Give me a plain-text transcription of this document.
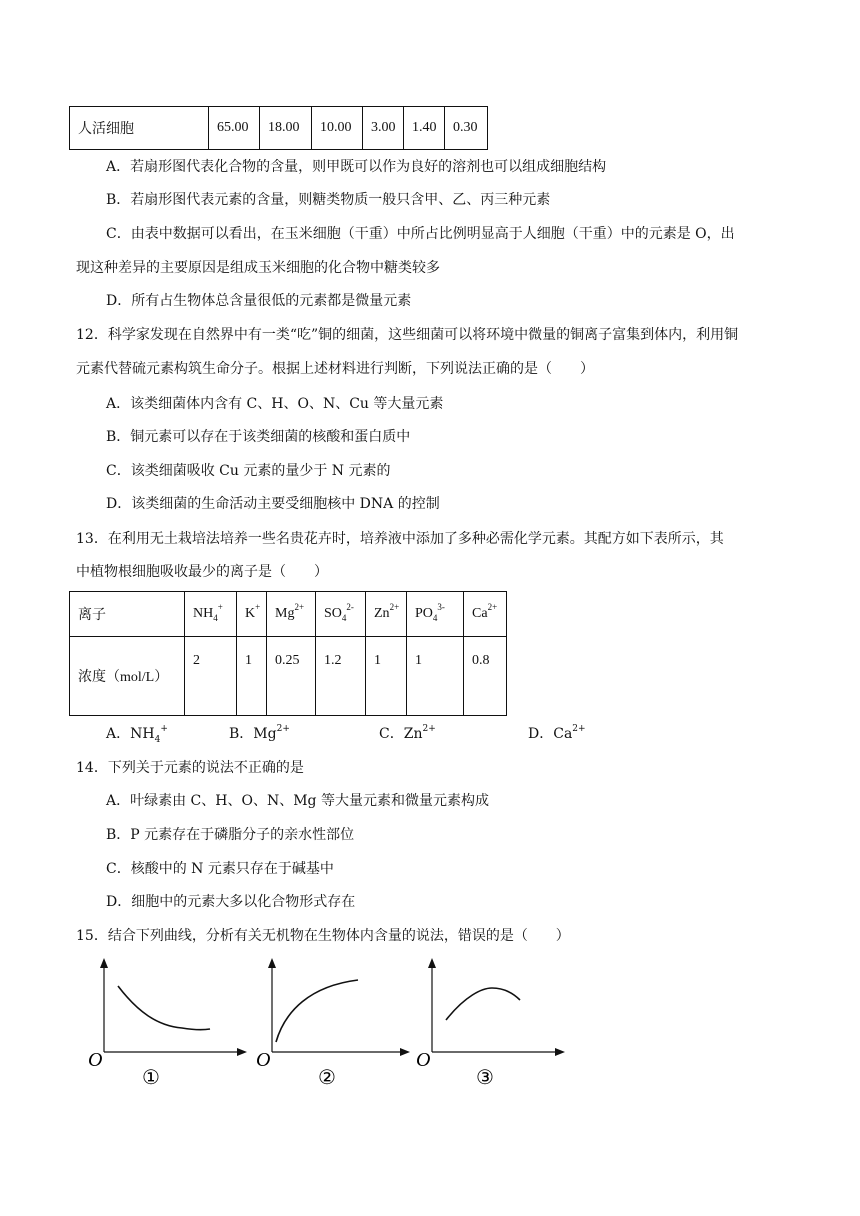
人活细胞	65.00	18.00	10.00	3.00	1.40	0.30
A．若扇形图代表化合物的含量，则甲既可以作为良好的溶剂也可以组成细胞结构
B．若扇形图代表元素的含量，则糖类物质一般只含甲、乙、丙三种元素
C．由表中数据可以看出，在玉米细胞（干重）中所占比例明显高于人细胞（干重）中的元素是 O，出
现这种差异的主要原因是组成玉米细胞的化合物中糖类较多
D．所有占生物体总含量很低的元素都是微量元素
12．科学家发现在自然界中有一类“吃”铜的细菌，这些细菌可以将环境中微量的铜离子富集到体内，利用铜
元素代替硫元素构筑生命分子。根据上述材料进行判断，下列说法正确的是（　　）
A．该类细菌体内含有 C、H、O、N、Cu 等大量元素
B．铜元素可以存在于该类细菌的核酸和蛋白质中
C．该类细菌吸收 Cu 元素的量少于 N 元素的
D．该类细菌的生命活动主要受细胞核中 DNA 的控制
13．在利用无土栽培法培养一些名贵花卉时，培养液中添加了多种必需化学元素。其配方如下表所示，其
中植物根细胞吸收最少的离子是（　　）
离子	$NH_4^+$	K+	$Mg^{2+}$	$SO_4^{2-}$	$Zn^{2+}$	$PO_4^{3-}$	$Ca^{2+}$
浓度（mol/L）	2	1	0.25	1.2	1	1	0.8
A．$NH_4^+$	B．$Mg^{2+}$	C．$Zn^{2+}$	D．$Ca^{2+}$
14．下列关于元素的说法不正确的是
A．叶绿素由 C、H、O、N、Mg 等大量元素和微量元素构成
B．P 元素存在于磷脂分子的亲水性部位
C．核酸中的 N 元素只存在于碱基中
D．细胞中的元素大多以化合物形式存在
15．结合下列曲线，分析有关无机物在生物体内含量的说法，错误的是（　　）
O
①
O
②
O
③
